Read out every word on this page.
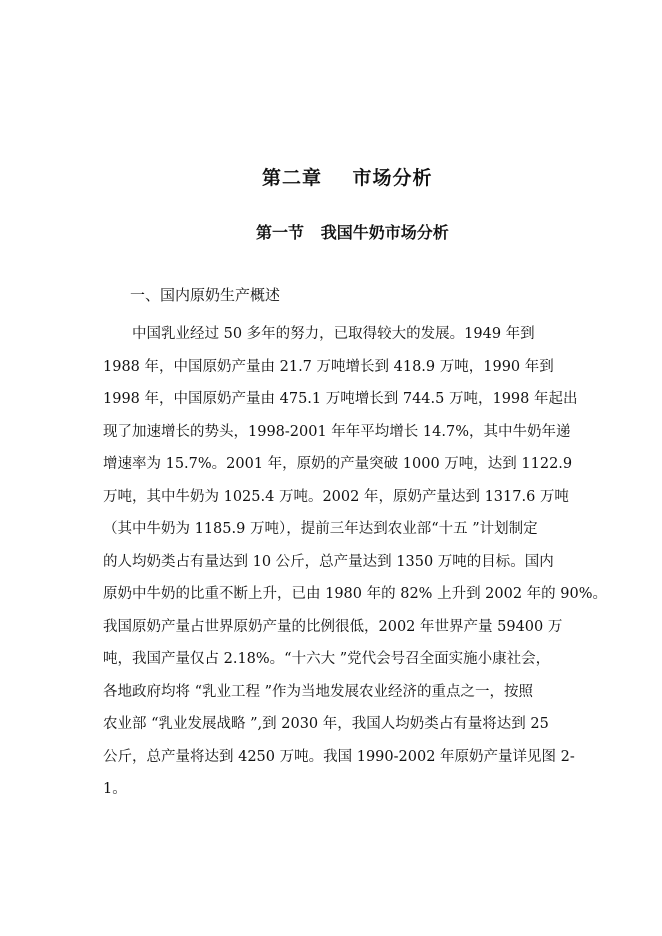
第二章 市场分析
第一节 我国牛奶市场分析
一、国内原奶生产概述
　　中国乳业经过 50 多年的努力，已取得较大的发展。1949 年到
1988 年，中国原奶产量由 21.7 万吨增长到 418.9 万吨，1990 年到
1998 年，中国原奶产量由 475.1 万吨增长到 744.5 万吨，1998 年起出
现了加速增长的势头，1998-2001 年年平均增长 14.7%，其中牛奶年递
增速率为 15.7%。2001 年，原奶的产量突破 1000 万吨，达到 1122.9
万吨，其中牛奶为 1025.4 万吨。2002 年，原奶产量达到 1317.6 万吨
（其中牛奶为 1185.9 万吨），提前三年达到农业部“十五 ”计划制定
的人均奶类占有量达到 10 公斤，总产量达到 1350 万吨的目标。国内
原奶中牛奶的比重不断上升，已由 1980 年的 82% 上升到 2002 年的 90%。
我国原奶产量占世界原奶产量的比例很低，2002 年世界产量 59400 万
吨，我国产量仅占 2.18%。“十六大 ”党代会号召全面实施小康社会，
各地政府均将 “乳业工程 ”作为当地发展农业经济的重点之一，按照
农业部 “乳业发展战略 ”,到 2030 年，我国人均奶类占有量将达到 25
公斤，总产量将达到 4250 万吨。我国 1990-2002 年原奶产量详见图 2-
1。
